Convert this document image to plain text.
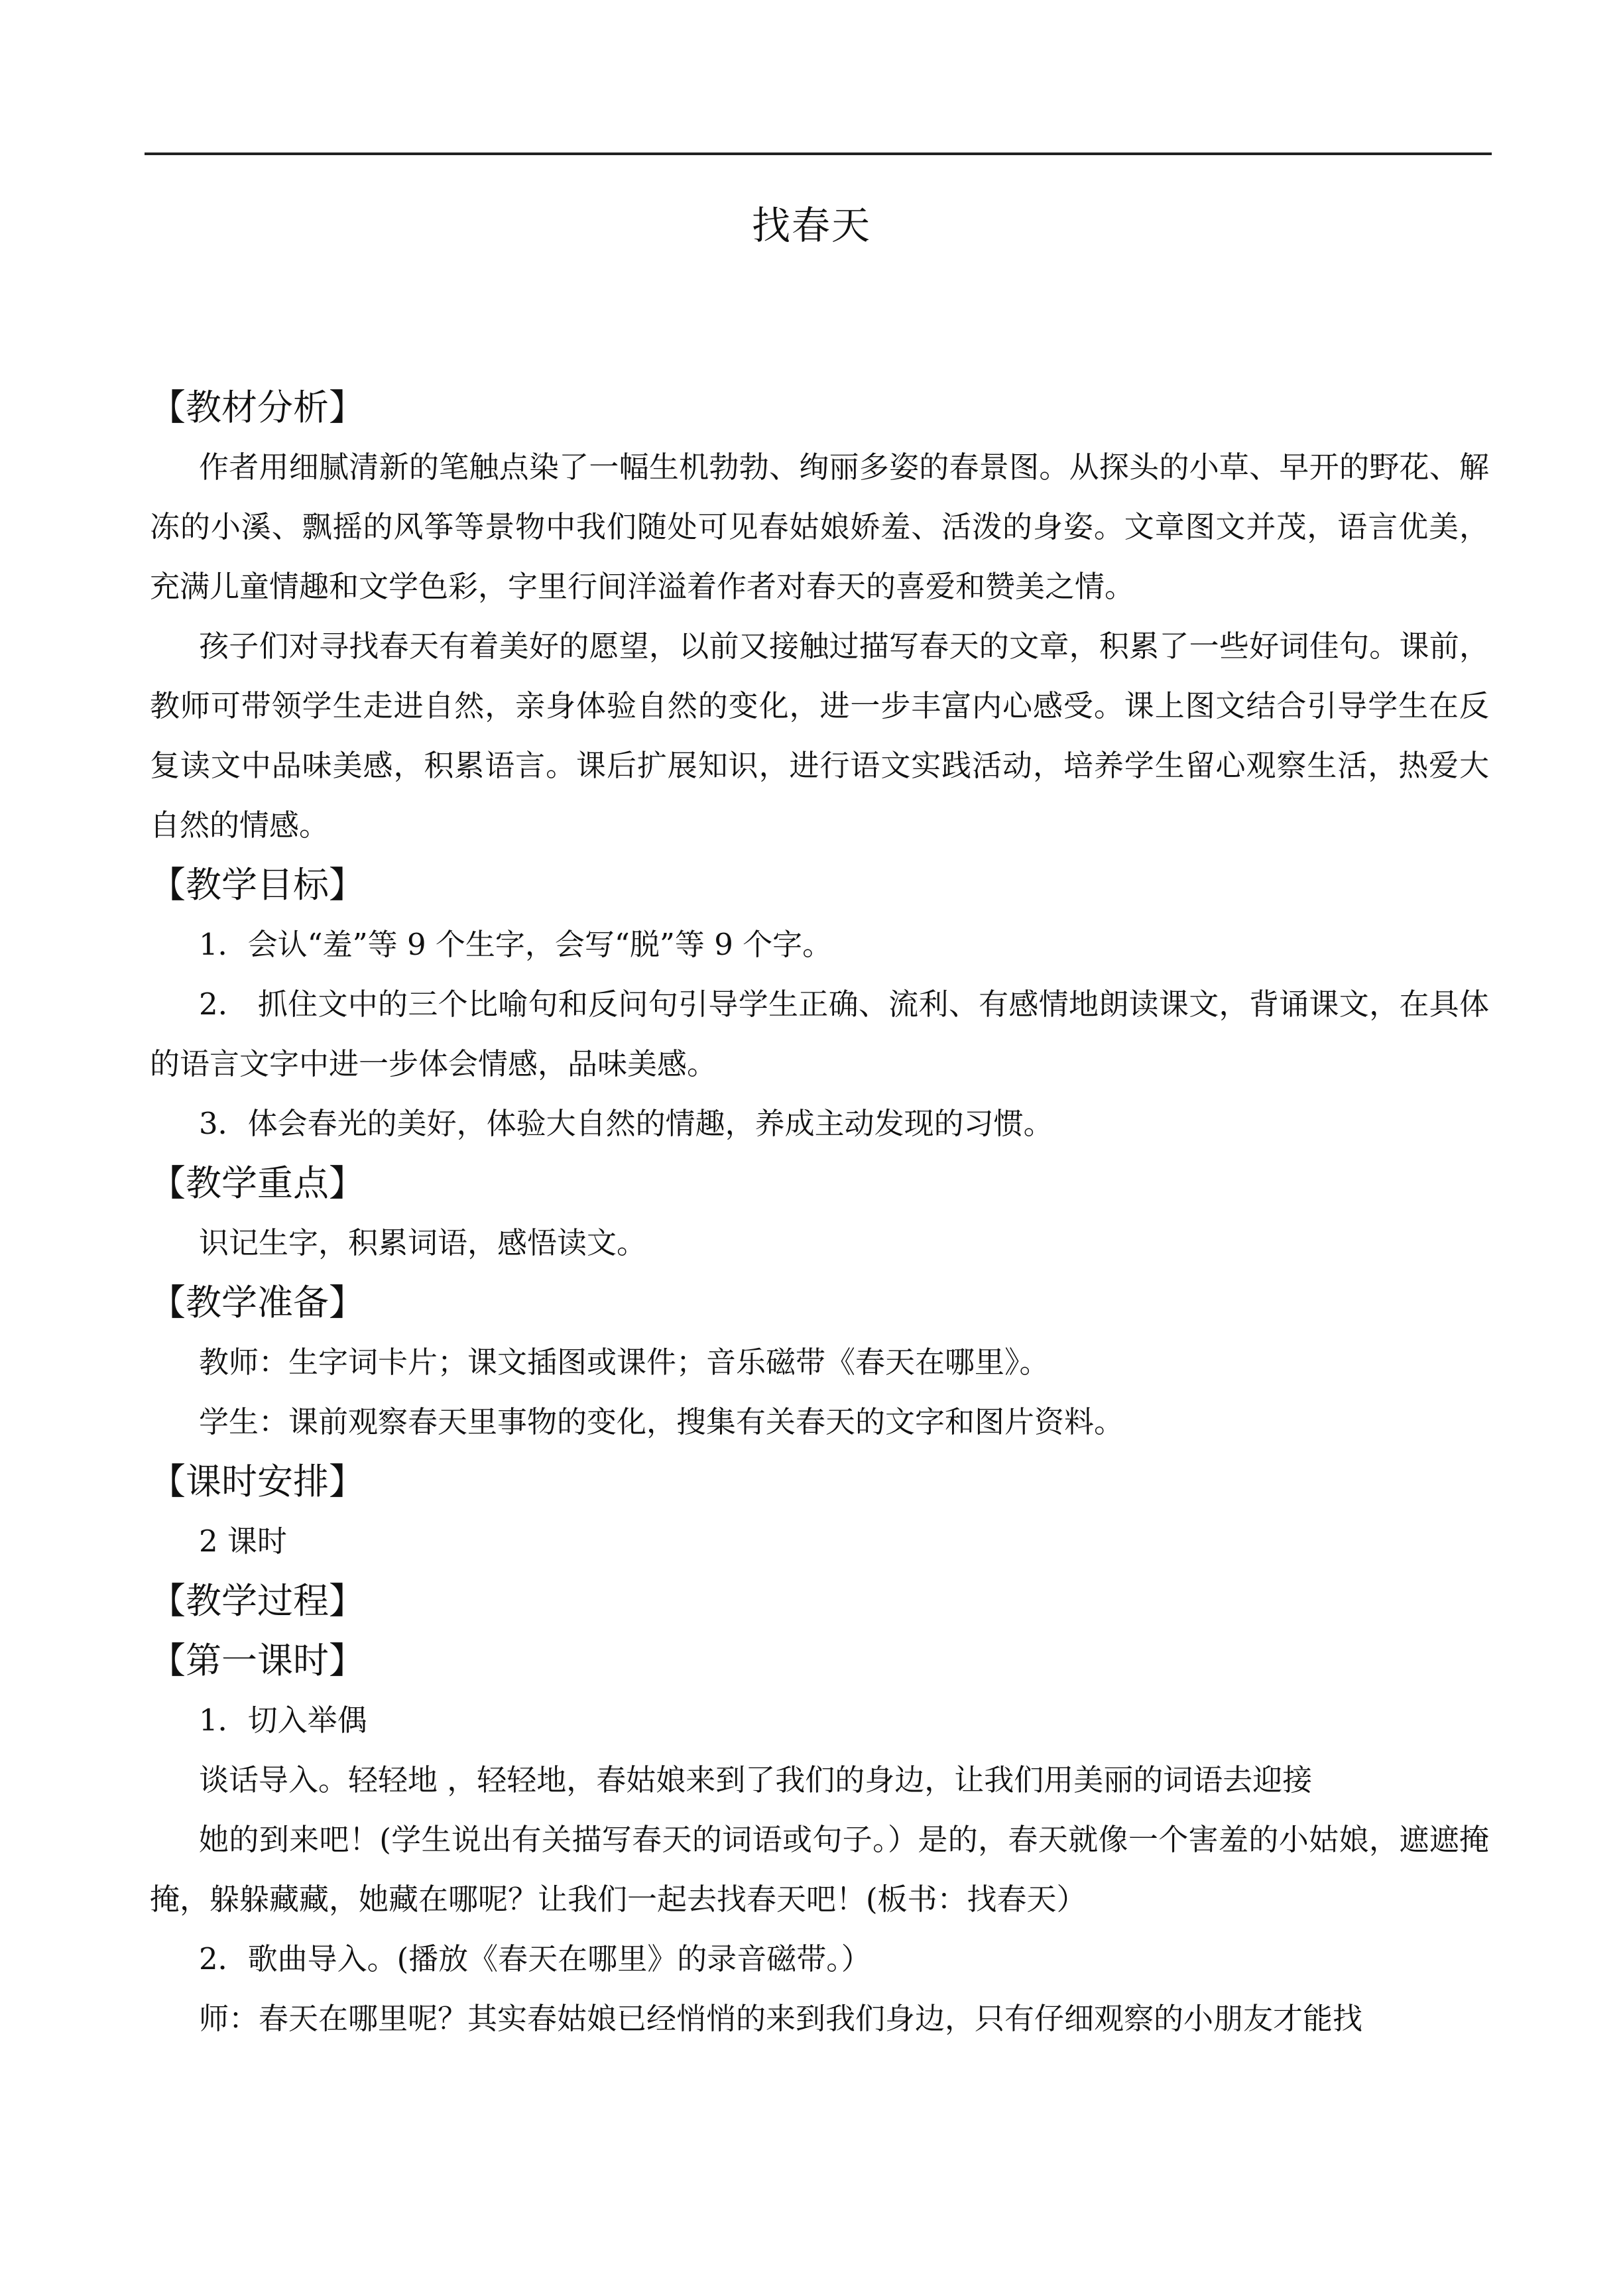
找春天

【教材分析】

作者用细腻清新的笔触点染了一幅生机勃勃、绚丽多姿的春景图。从探头的小草、早开的野花、解冻的小溪、飘摇的风筝等景物中我们随处可见春姑娘娇羞、活泼的身姿。文章图文并茂，语言优美，充满儿童情趣和文学色彩，字里行间洋溢着作者对春天的喜爱和赞美之情。

孩子们对寻找春天有着美好的愿望，以前又接触过描写春天的文章，积累了一些好词佳句。课前，教师可带领学生走进自然，亲身体验自然的变化，进一步丰富内心感受。课上图文结合引导学生在反复读文中品味美感，积累语言。课后扩展知识，进行语文实践活动，培养学生留心观察生活，热爱大自然的情感。

【教学目标】

1．会认“羞”等 9 个生字，会写“脱”等 9 个字。

2． 抓住文中的三个比喻句和反问句引导学生正确、流利、有感情地朗读课文，背诵课文，在具体的语言文字中进一步体会情感，品味美感。

3．体会春光的美好，体验大自然的情趣，养成主动发现的习惯。

【教学重点】

识记生字，积累词语，感悟读文。

【教学准备】

教师：生字词卡片；课文插图或课件；音乐磁带《春天在哪里》。

学生：课前观察春天里事物的变化，搜集有关春天的文字和图片资料。

【课时安排】

2 课时

【教学过程】

【第一课时】

1．切入举偶

谈话导入。轻轻地 ，轻轻地，春姑娘来到了我们的身边，让我们用美丽的词语去迎接

她的到来吧！(学生说出有关描写春天的词语或句子。）是的，春天就像一个害羞的小姑娘，遮遮掩掩，躲躲藏藏，她藏在哪呢？让我们一起去找春天吧！(板书：找春天）

2．歌曲导入。(播放《春天在哪里》的录音磁带。）

师：春天在哪里呢？其实春姑娘已经悄悄的来到我们身边，只有仔细观察的小朋友才能找
